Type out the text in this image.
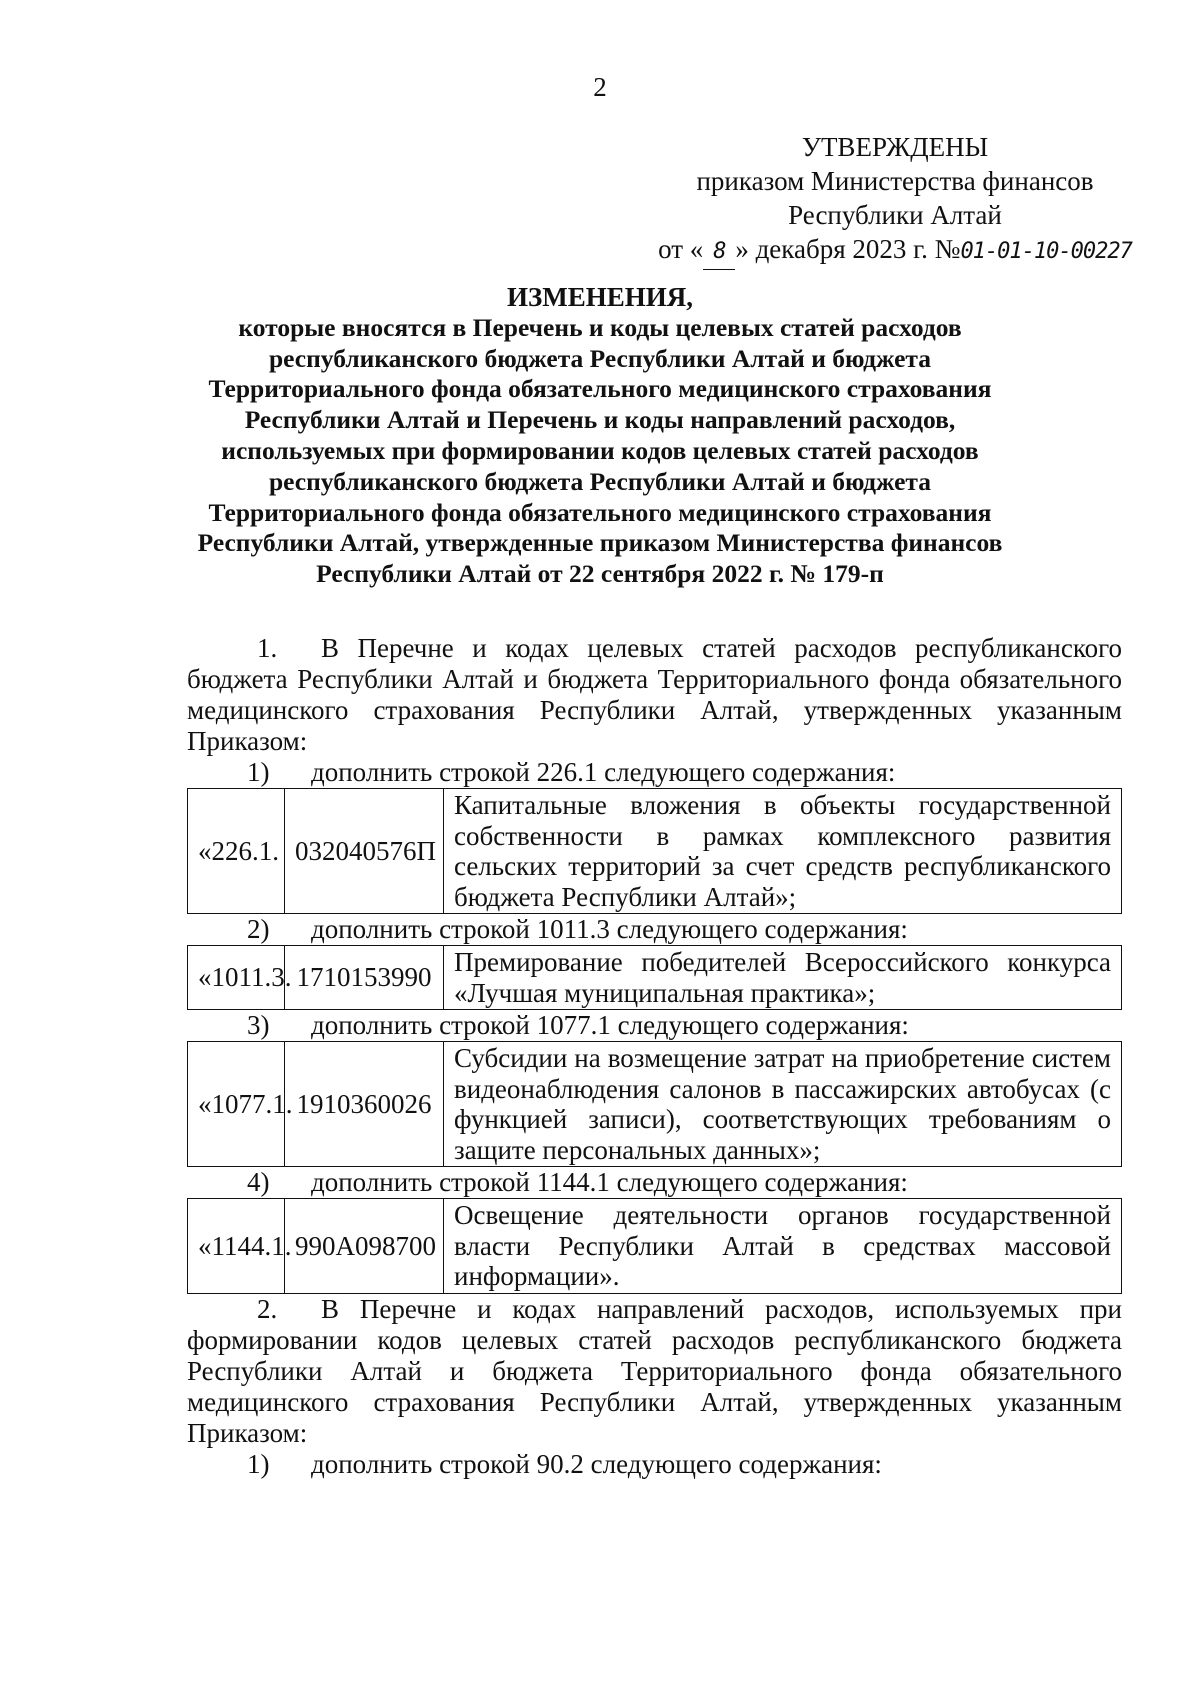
2
УТВЕРЖДЕНЫ
приказом Министерства финансов
Республики Алтай
от « 8 » декабря 2023 г. №01-01-10-00227
ИЗМЕНЕНИЯ,
которые вносятся в Перечень и коды целевых статей расходов
республиканского бюджета Республики Алтай и бюджета
Территориального фонда обязательного медицинского страхования
Республики Алтай и Перечень и коды направлений расходов,
используемых при формировании кодов целевых статей расходов
республиканского бюджета Республики Алтай и бюджета
Территориального фонда обязательного медицинского страхования
Республики Алтай, утвержденные приказом Министерства финансов
Республики Алтай от 22 сентября 2022 г. № 179-п
1. В Перечне и кодах целевых статей расходов республиканского бюджета Республики Алтай и бюджета Территориального фонда обязательного медицинского страхования Республики Алтай, утвержденных указанным Приказом:
1) дополнить строкой 226.1 следующего содержания:
«226.1.	032040576П	Капитальные вложения в объекты государственной собственности в рамках комплексного развития сельских территорий за счет средств республиканского бюджета Республики Алтай»;
2) дополнить строкой 1011.3 следующего содержания:
«1011.3.	1710153990	Премирование победителей Всероссийского конкурса «Лучшая муниципальная практика»;
3) дополнить строкой 1077.1 следующего содержания:
«1077.1.	1910360026	Субсидии на возмещение затрат на приобретение систем видеонаблюдения салонов в пассажирских автобусах (с функцией записи), соответствующих требованиям о защите персональных данных»;
4) дополнить строкой 1144.1 следующего содержания:
«1144.1.	990А098700	Освещение деятельности органов государственной власти Республики Алтай в средствах массовой информации».
2. В Перечне и кодах направлений расходов, используемых при формировании кодов целевых статей расходов республиканского бюджета Республики Алтай и бюджета Территориального фонда обязательного медицинского страхования Республики Алтай, утвержденных указанным Приказом:
1) дополнить строкой 90.2 следующего содержания:
